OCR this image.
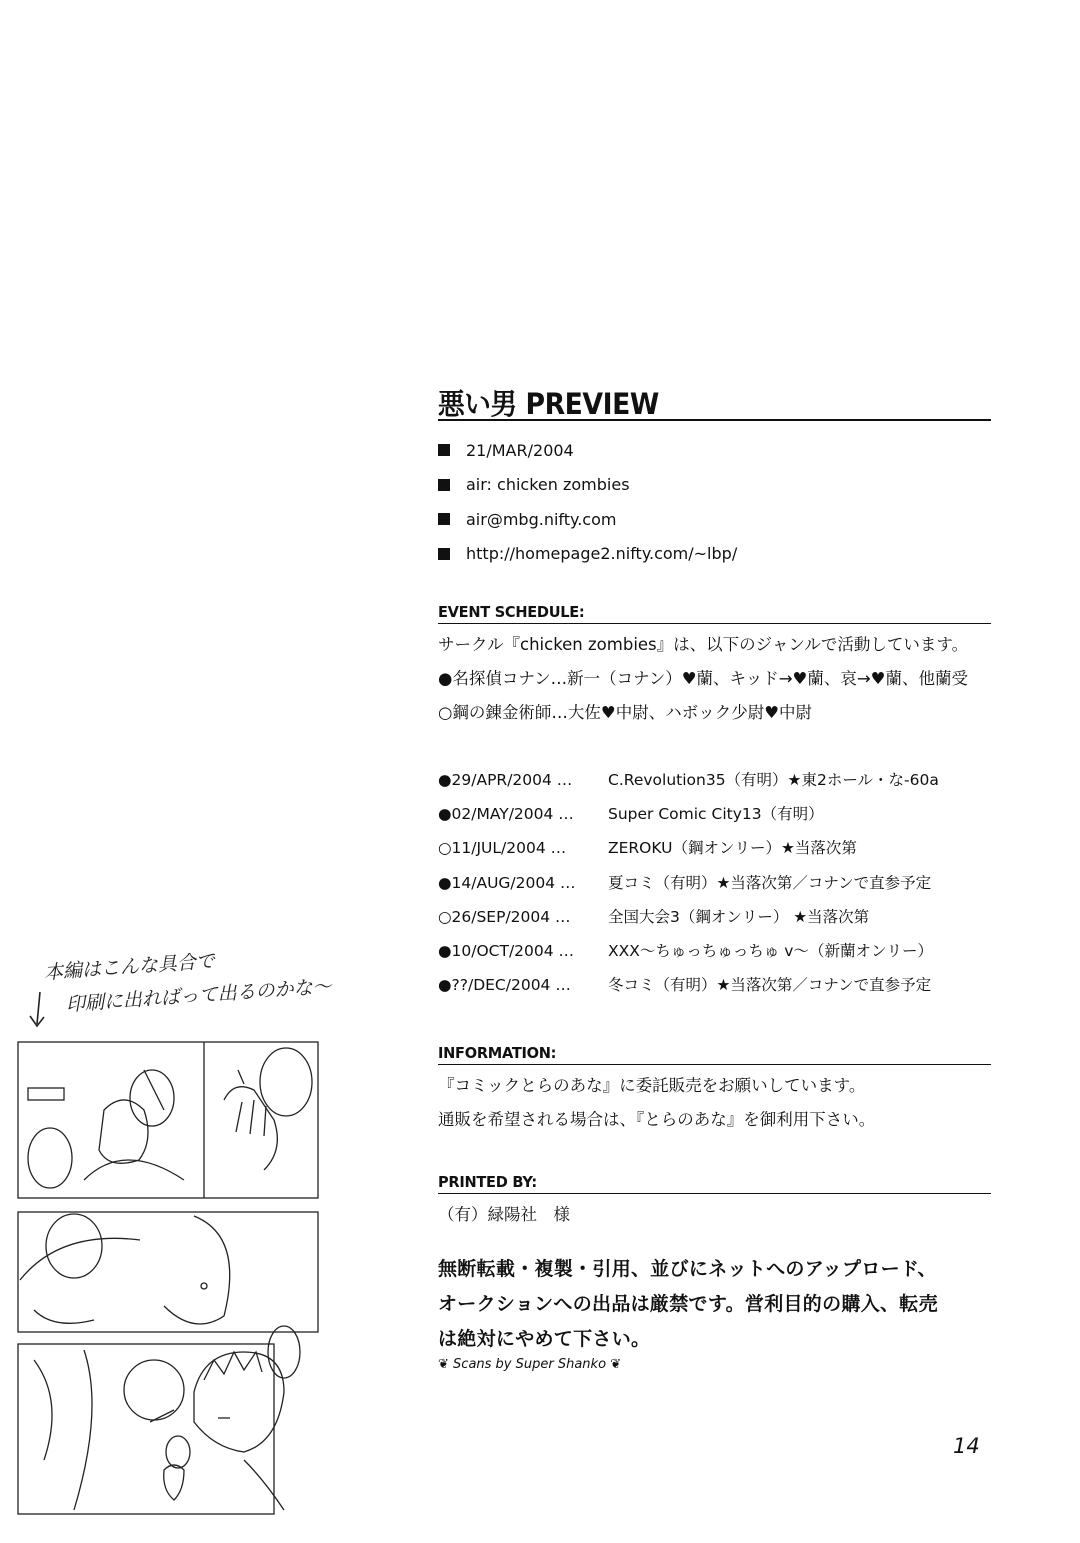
本編はこんな具合で
印刷に出ればって出るのかな～
悪い男 PREVIEW
21/MAR/2004
air: chicken zombies
air@mbg.nifty.com
http://homepage2.nifty.com/~lbp/
EVENT SCHEDULE:
サークル『chicken zombies』は、以下のジャンルで活動しています。
●名探偵コナン…新一（コナン）♥蘭、キッド→♥蘭、哀→♥蘭、他蘭受
○鋼の錬金術師…大佐♥中尉、ハボック少尉♥中尉
●29/APR/2004 …	C.Revolution35（有明）★東2ホール・な-60a
●02/MAY/2004 …	Super Comic City13（有明）
○11/JUL/2004 …	ZEROKU（鋼オンリー）★当落次第
●14/AUG/2004 …	夏コミ（有明）★当落次第／コナンで直参予定
○26/SEP/2004 …	全国大会3（鋼オンリー） ★当落次第
●10/OCT/2004 …	XXX～ちゅっちゅっちゅ v～（新蘭オンリー）
●??/DEC/2004 …	冬コミ（有明）★当落次第／コナンで直参予定
INFORMATION:
『コミックとらのあな』に委託販売をお願いしています。
通販を希望される場合は、『とらのあな』を御利用下さい。
PRINTED BY:
（有）緑陽社　様
無断転載・複製・引用、並びにネットへのアップロード、
オークションへの出品は厳禁です。営利目的の購入、転売
は絶対にやめて下さい。
❦ Scans by Super Shanko ❦
14
